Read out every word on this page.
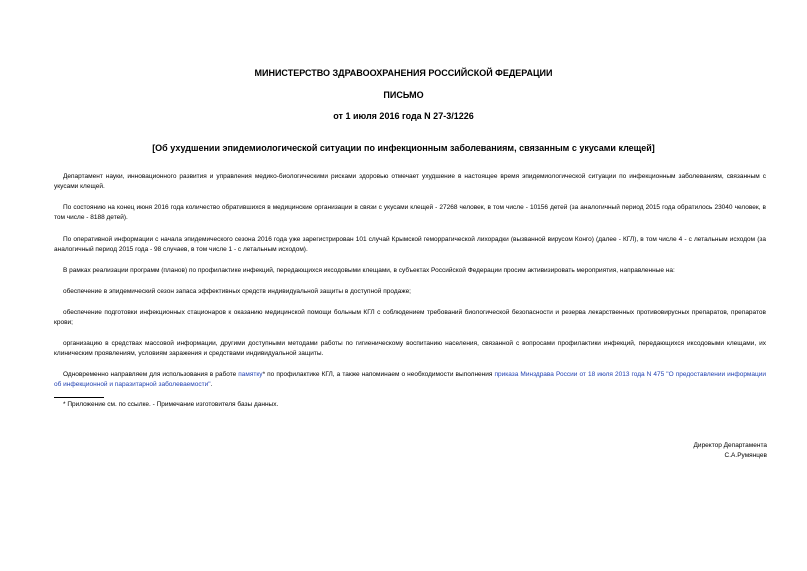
МИНИСТЕРСТВО ЗДРАВООХРАНЕНИЯ РОССИЙСКОЙ ФЕДЕРАЦИИ

ПИСЬМО

от 1 июля 2016 года N 27-3/1226

[Об ухудшении эпидемиологической ситуации по инфекционным заболеваниям, связанным с укусами клещей]

Департамент науки, инновационного развития и управления медико-биологическими рисками здоровью отмечает ухудшение в настоящее время эпидемиологической ситуации по инфекционным заболеваниям, связанным с укусами клещей.

По состоянию на конец июня 2016 года количество обратившихся в медицинские организации в связи с укусами клещей - 27268 человек, в том числе - 10156 детей (за аналогичный период 2015 года обратилось 23040 человек, в том числе - 8188 детей).

По оперативной информации с начала эпидемического сезона 2016 года уже зарегистрирован 101 случай Крымской геморрагической лихорадки (вызванной вирусом Конго) (далее - КГЛ), в том числе 4 - с летальным исходом (за аналогичный период 2015 года - 98 случаев, в том числе 1 - с летальным исходом).

В рамках реализации программ (планов) по профилактике инфекций, передающихся иксодовыми клещами, в субъектах Российской Федерации просим активизировать мероприятия, направленные на:

обеспечение в эпидемический сезон запаса эффективных средств индивидуальной защиты в доступной продаже;

обеспечение подготовки инфекционных стационаров к оказанию медицинской помощи больным КГЛ с соблюдением требований биологической безопасности и резерва лекарственных противовирусных препаратов, препаратов крови;

организацию в средствах массовой информации, другими доступными методами работы по гигиеническому воспитанию населения, связанной с вопросами профилактики инфекций, передающихся иксодовыми клещами, их клиническим проявлениям, условиям заражения и средствами индивидуальной защиты.

Одновременно направляем для использования в работе памятку* по профилактике КГЛ, а также напоминаем о необходимости выполнения приказа Минздрава России от 18 июля 2013 года N 475 "О предоставлении информации об инфекционной и паразитарной заболеваемости".

* Приложение см. по ссылке. - Примечание изготовителя базы данных.

Директор Департамента

С.А.Румянцев
